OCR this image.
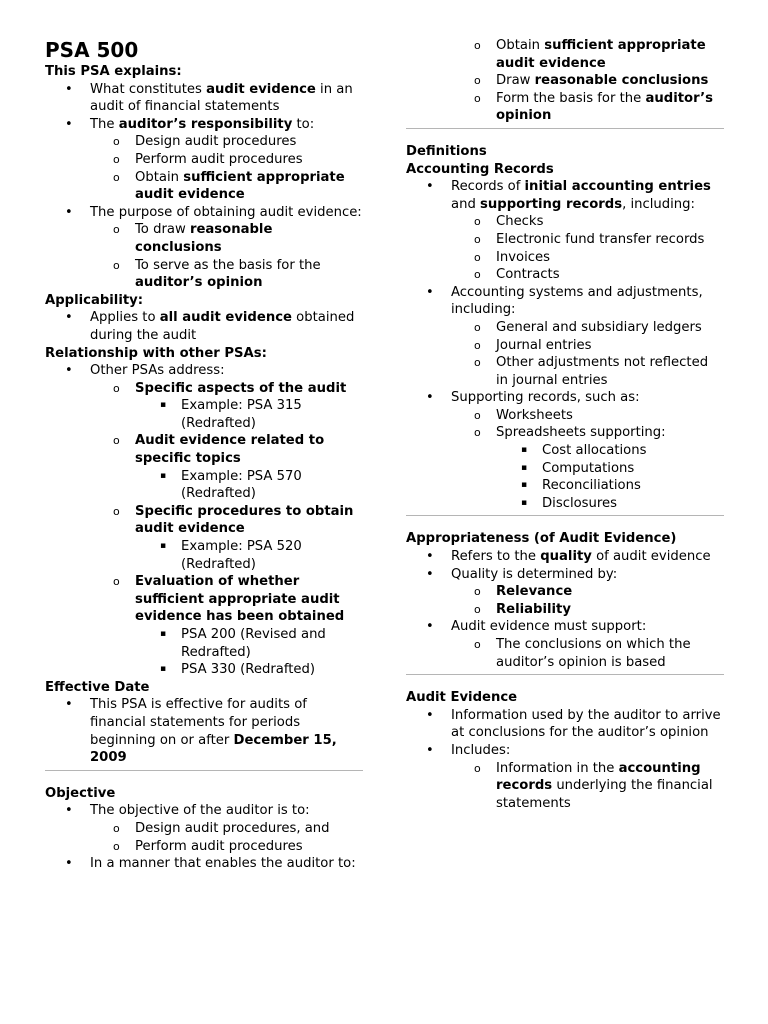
PSA 500
This PSA explains:
• What constitutes audit evidence in an audit of financial statements
• The auditor’s responsibility to:
o Design audit procedures
o Perform audit procedures
o Obtain sufficient appropriate audit evidence
• The purpose of obtaining audit evidence:
o To draw reasonable conclusions
o To serve as the basis for the auditor’s opinion
Applicability:
• Applies to all audit evidence obtained during the audit
Relationship with other PSAs:
• Other PSAs address:
o Specific aspects of the audit
▪ Example: PSA 315 (Redrafted)
o Audit evidence related to specific topics
▪ Example: PSA 570 (Redrafted)
o Specific procedures to obtain audit evidence
▪ Example: PSA 520 (Redrafted)
o Evaluation of whether sufficient appropriate audit evidence has been obtained
▪ PSA 200 (Revised and Redrafted)
▪ PSA 330 (Redrafted)
Effective Date
• This PSA is effective for audits of financial statements for periods beginning on or after December 15, 2009
Objective
• The objective of the auditor is to:
o Design audit procedures, and
o Perform audit procedures
• In a manner that enables the auditor to:
o Obtain sufficient appropriate audit evidence
o Draw reasonable conclusions
o Form the basis for the auditor’s opinion
Definitions
Accounting Records
• Records of initial accounting entries and supporting records, including:
o Checks
o Electronic fund transfer records
o Invoices
o Contracts
• Accounting systems and adjustments, including:
o General and subsidiary ledgers
o Journal entries
o Other adjustments not reflected in journal entries
• Supporting records, such as:
o Worksheets
o Spreadsheets supporting:
▪ Cost allocations
▪ Computations
▪ Reconciliations
▪ Disclosures
Appropriateness (of Audit Evidence)
• Refers to the quality of audit evidence
• Quality is determined by:
o Relevance
o Reliability
• Audit evidence must support:
o The conclusions on which the auditor’s opinion is based
Audit Evidence
• Information used by the auditor to arrive at conclusions for the auditor’s opinion
• Includes:
o Information in the accounting records underlying the financial statements
